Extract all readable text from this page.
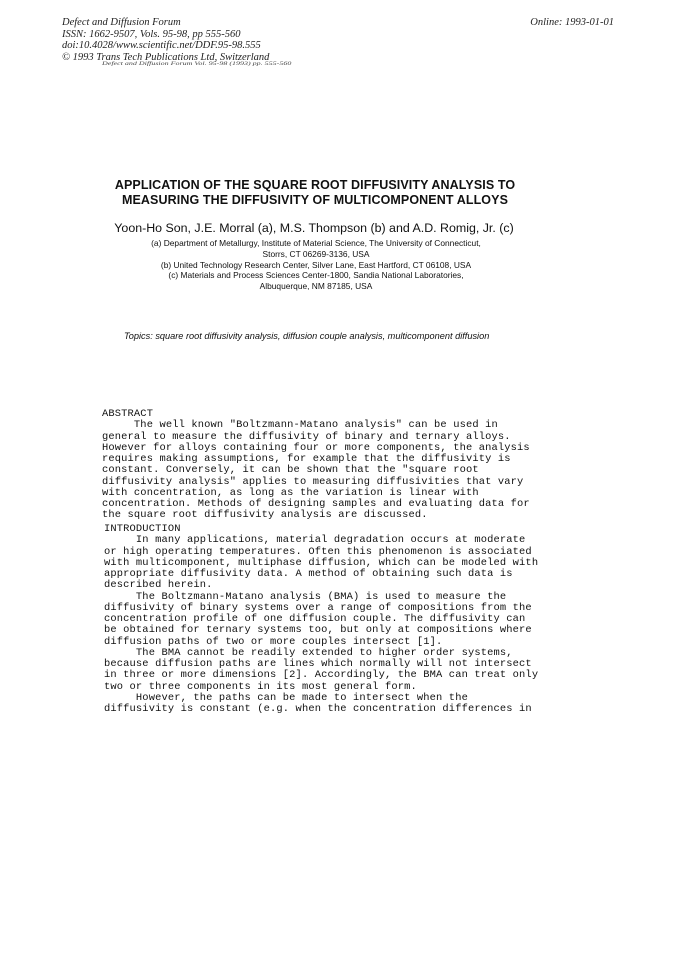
Defect and Diffusion Forum
ISSN: 1662-9507, Vols. 95-98, pp 555-560
doi:10.4028/www.scientific.net/DDF.95-98.555
© 1993 Trans Tech Publications Ltd, Switzerland
Online: 1993-01-01
Defect and Diffusion Forum Vol. 95-98 (1993) pp. 555-560
APPLICATION OF THE SQUARE ROOT DIFFUSIVITY ANALYSIS TO
MEASURING THE DIFFUSIVITY OF MULTICOMPONENT ALLOYS
Yoon-Ho Son, J.E. Morral (a), M.S. Thompson (b) and A.D. Romig, Jr. (c)
(a) Department of Metallurgy, Institute of Material Science, The University of Connecticut,
Storrs, CT 06269-3136, USA
(b) United Technology Research Center, Silver Lane, East Hartford, CT 06108, USA
(c) Materials and Process Sciences Center-1800, Sandia National Laboratories,
Albuquerque, NM 87185, USA
Topics: square root diffusivity analysis, diffusion couple analysis, multicomponent diffusion
ABSTRACT
The well known "Boltzmann-Matano analysis" can be used in
general to measure the diffusivity of binary and ternary alloys.
However for alloys containing four or more components, the analysis
requires making assumptions, for example that the diffusivity is
constant. Conversely, it can be shown that the "square root
diffusivity analysis" applies to measuring diffusivities that vary
with concentration, as long as the variation is linear with
concentration. Methods of designing samples and evaluating data for
the square root diffusivity analysis are discussed.
INTRODUCTION
In many applications, material degradation occurs at moderate
or high operating temperatures. Often this phenomenon is associated
with multicomponent, multiphase diffusion, which can be modeled with
appropriate diffusivity data. A method of obtaining such data is
described herein.
The Boltzmann-Matano analysis (BMA) is used to measure the
diffusivity of binary systems over a range of compositions from the
concentration profile of one diffusion couple. The diffusivity can
be obtained for ternary systems too, but only at compositions where
diffusion paths of two or more couples intersect [1].
The BMA cannot be readily extended to higher order systems,
because diffusion paths are lines which normally will not intersect
in three or more dimensions [2]. Accordingly, the BMA can treat only
two or three components in its most general form.
However, the paths can be made to intersect when the
diffusivity is constant (e.g. when the concentration differences in
